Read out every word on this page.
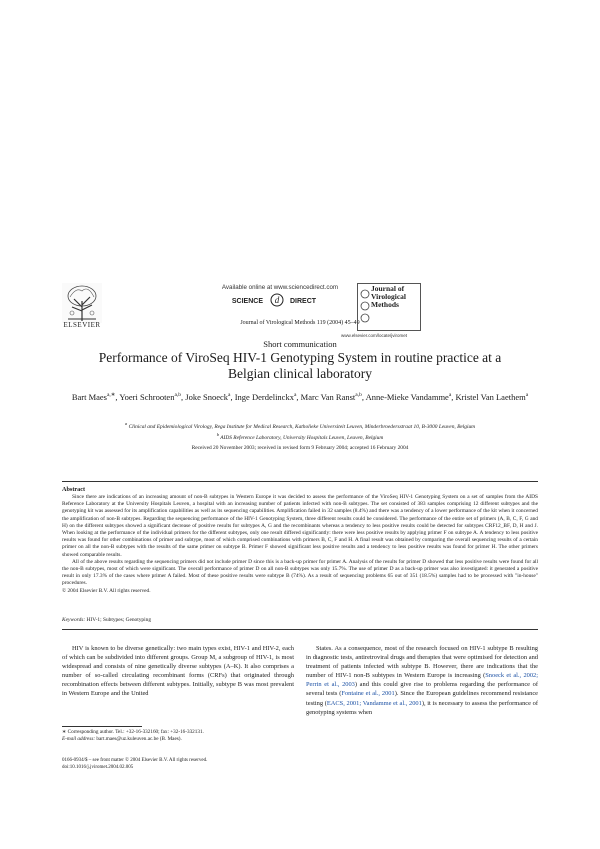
Available online at www.sciencedirect.com
SCIENCE d DIRECT
Journal of Virological Methods 119 (2004) 45–49
ELSEVIER
Journal of
Virological
Methods
www.elsevier.com/locate/jviromet
Short communication
Performance of ViroSeq HIV-1 Genotyping System in routine practice at a Belgian clinical laboratory
Bart Maes$^{a,∗}$, Yoeri Schrooten$^{a,b}$, Joke Snoeck$^a$, Inge Derdelinckx$^a$, Marc Van Ranst$^{a,b}$, Anne-Mieke Vandamme$^a$, Kristel Van Laethem$^a$
$^a$ Clinical and Epidemiological Virology, Rega Institute for Medical Research, Katholieke Universiteit Leuven, Minderbroedersstraat 10, B-3000 Leuven, Belgium
$^b$ AIDS Reference Laboratory, University Hospitals Leuven, Leuven, Belgium
Received 20 November 2003; received in revised form 9 February 2004; accepted 16 February 2004
Abstract

Since there are indications of an increasing amount of non-B subtypes in Western Europe it was decided to assess the performance of the ViroSeq HIV-1 Genotyping System on a set of samples from the AIDS Reference Laboratory at the University Hospitals Leuven, a hospital with an increasing number of patients infected with non-B subtypes. The set consisted of 383 samples comprising 12 different subtypes and the genotyping kit was assessed for its amplification capabilities as well as its sequencing capabilities. Amplification failed in 32 samples (8.4%) and there was a tendency of a lower performance of the kit when it concerned the amplification of non-B subtypes. Regarding the sequencing performance of the HIV-1 Genotyping System, three different results could be considered. The performance of the entire set of primers (A, B, C, F, G and H) on the different subtypes showed a significant decrease of positive results for subtypes A, G and the recombinants whereas a tendency to less positive results could be detected for subtypes CRF12_BF, D, H and J. When looking at the performance of the individual primers for the different subtypes, only one result differed significantly: there were less positive results by applying primer F on subtype A. A tendency to less positive results was found for other combinations of primer and subtype, most of which comprised combinations with primers B, C, F and H. A final result was obtained by comparing the overall sequencing results of a certain primer on all the non-B subtypes with the results of the same primer on subtype B. Primer F showed significant less positive results and a tendency to less positive results was found for primer H. The other primers showed comparable results.

All of the above results regarding the sequencing primers did not include primer D since this is a back-up primer for primer A. Analysis of the results for primer D showed that less positive results were found for all the non-B subtypes, most of which were significant. The overall performance of primer D on all non-B subtypes was only 15.7%. The use of primer D as a back-up primer was also investigated: it generated a positive result in only 17.3% of the cases where primer A failed. Most of these positive results were subtype B (74%). As a result of sequencing problems 65 out of 351 (18.5%) samples had to be processed with "in-house" procedures.

© 2004 Elsevier B.V. All rights reserved.

Keywords: HIV-1; Subtypes; Genotyping

HIV is known to be diverse genetically: two main types exist, HIV-1 and HIV-2, each of which can be subdivided into different groups. Group M, a subgroup of HIV-1, is most widespread and consists of nine genetically diverse subtypes (A–K). It also comprises a number of so-called circulating recombinant forms (CRFs) that originated through recombination effects between different subtypes. Initially, subtype B was most prevalent in Western Europe and the United

States. As a consequence, most of the research focused on HIV-1 subtype B resulting in diagnostic tests, antiretroviral drugs and therapies that were optimised for detection and treatment of patients infected with subtype B. However, there are indications that the number of HIV-1 non-B subtypes in Western Europe is increasing (Snoeck et al., 2002; Perrin et al., 2003) and this could give rise to problems regarding the performance of several tests (Fontaine et al., 2001). Since the European guidelines recommend resistance testing (EACS, 2001; Vandamme et al., 2001), it is necessary to assess the performance of genotyping systems when

∗ Corresponding author. Tel.: +32-16-332160; fax: +32-16-332131.
E-mail address: bart.maes@uz.kuleuven.ac.be (B. Maes).
0166-0934/$ – see front matter © 2004 Elsevier B.V. All rights reserved.
doi:10.1016/j.jviromet.2004.02.005
